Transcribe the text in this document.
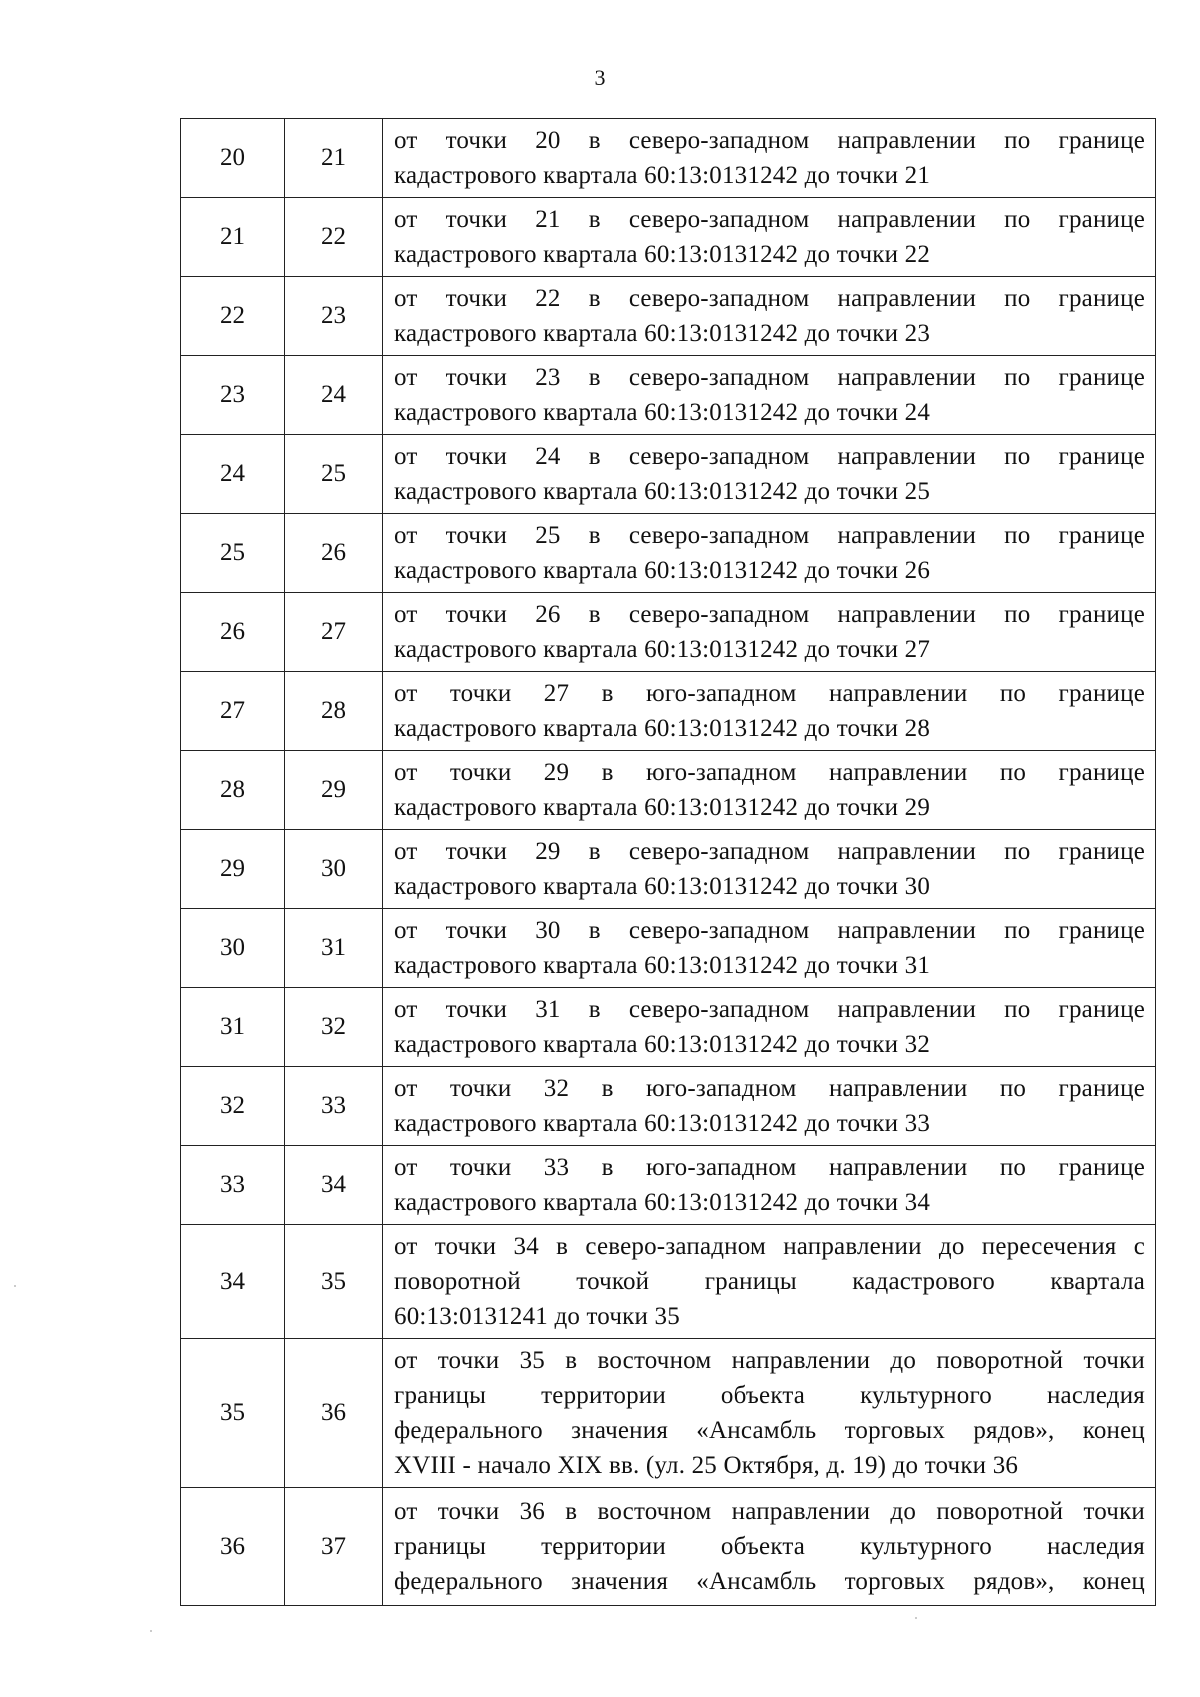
3
20	21	от точки 20 в северо-западном направлении по границе
кадастрового квартала 60:13:0131242 до точки 21

21	22	от точки 21 в северо-западном направлении по границе
кадастрового квартала 60:13:0131242 до точки 22

22	23	от точки 22 в северо-западном направлении по границе
кадастрового квартала 60:13:0131242 до точки 23

23	24	от точки 23 в северо-западном направлении по границе
кадастрового квартала 60:13:0131242 до точки 24

24	25	от точки 24 в северо-западном направлении по границе
кадастрового квартала 60:13:0131242 до точки 25

25	26	от точки 25 в северо-западном направлении по границе
кадастрового квартала 60:13:0131242 до точки 26

26	27	от точки 26 в северо-западном направлении по границе
кадастрового квартала 60:13:0131242 до точки 27

27	28	от точки 27 в юго-западном направлении по границе
кадастрового квартала 60:13:0131242 до точки 28

28	29	от точки 29 в юго-западном направлении по границе
кадастрового квартала 60:13:0131242 до точки 29

29	30	от точки 29 в северо-западном направлении по границе
кадастрового квартала 60:13:0131242 до точки 30

30	31	от точки 30 в северо-западном направлении по границе
кадастрового квартала 60:13:0131242 до точки 31

31	32	от точки 31 в северо-западном направлении по границе
кадастрового квартала 60:13:0131242 до точки 32

32	33	от точки 32 в юго-западном направлении по границе
кадастрового квартала 60:13:0131242 до точки 33

33	34	от точки 33 в юго-западном направлении по границе
кадастрового квартала 60:13:0131242 до точки 34

34	35	от точки 34 в северо-западном направлении до пересечения с
поворотной точкой границы кадастрового квартала
60:13:0131241 до точки 35

35	36	от точки 35 в восточном направлении до поворотной точки
границы территории объекта культурного наследия
федерального значения «Ансамбль торговых рядов», конец
XVIII - начало XIX вв. (ул. 25 Октября, д. 19) до точки 36

36	37	от точки 36 в восточном направлении до поворотной точки
границы территории объекта культурного наследия
федерального значения «Ансамбль торговых рядов», конец
